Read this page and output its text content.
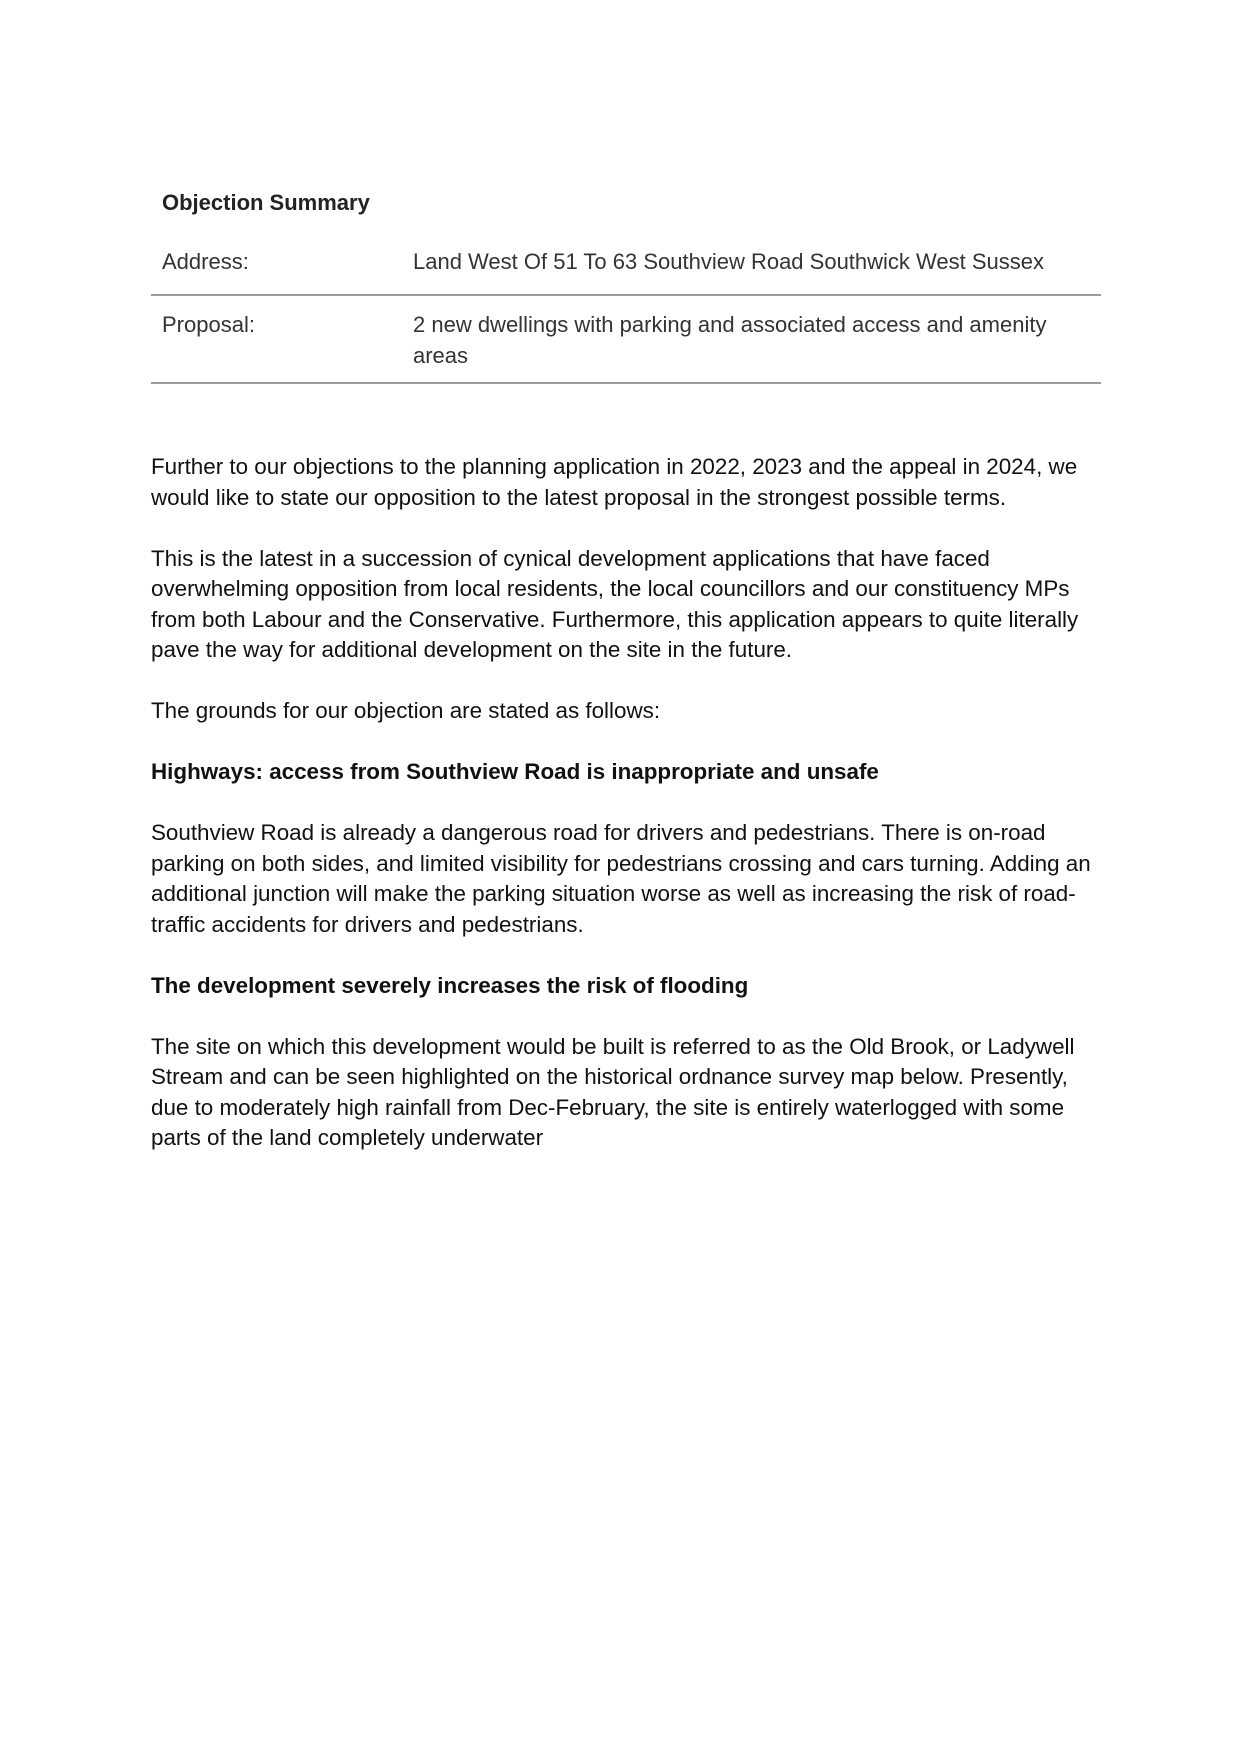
Objection Summary
Address:	Land West Of 51 To 63 Southview Road Southwick West Sussex
Proposal:	2 new dwellings with parking and associated access and amenity areas

Further to our objections to the planning application in 2022, 2023 and the appeal in 2024, we would like to state our opposition to the latest proposal in the strongest possible terms.

This is the latest in a succession of cynical development applications that have faced overwhelming opposition from local residents, the local councillors and our constituency MPs from both Labour and the Conservative. Furthermore, this application appears to quite literally pave the way for additional development on the site in the future.

The grounds for our objection are stated as follows:

Highways: access from Southview Road is inappropriate and unsafe

Southview Road is already a dangerous road for drivers and pedestrians. There is on-road parking on both sides, and limited visibility for pedestrians crossing and cars turning. Adding an additional junction will make the parking situation worse as well as increasing the risk of road-traffic accidents for drivers and pedestrians.

The development severely increases the risk of flooding

The site on which this development would be built is referred to as the Old Brook, or Ladywell Stream and can be seen highlighted on the historical ordnance survey map below. Presently, due to moderately high rainfall from Dec-February, the site is entirely waterlogged with some parts of the land completely underwater
